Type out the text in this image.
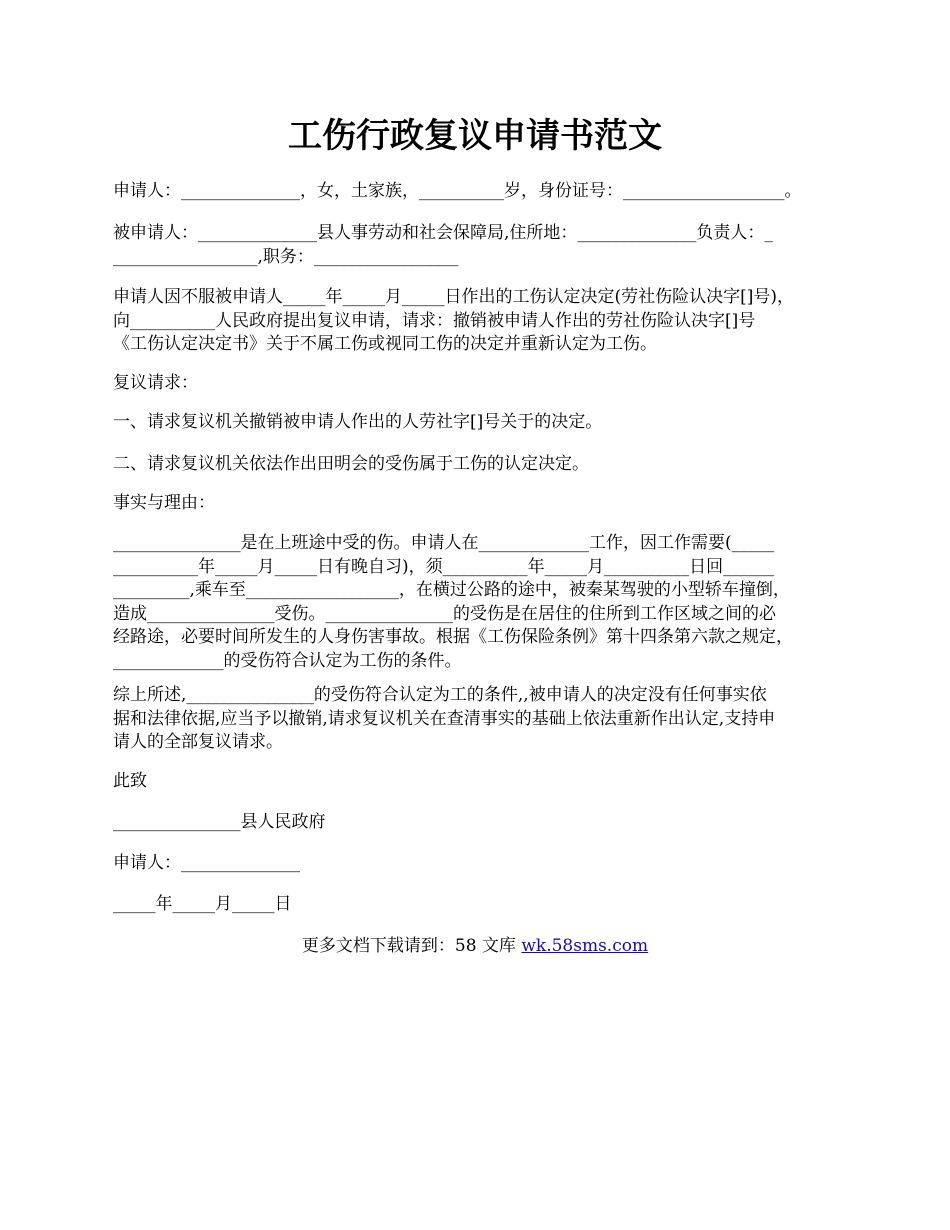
工伤行政复议申请书范文

申请人：______________，女，土家族，__________岁，身份证号：___________________。

被申请人：______________县人事劳动和社会保障局,住所地：______________负责人：_
_________________,职务：_________________

申请人因不服被申请人_____年_____月_____日作出的工伤认定决定(劳社伤险认决字[]号)，
向__________人民政府提出复议申请，请求：撤销被申请人作出的劳社伤险认决字[]号
《工伤认定决定书》关于不属工伤或视同工伤的决定并重新认定为工伤。

复议请求：

一、请求复议机关撤销被申请人作出的人劳社字[]号关于的决定。

二、请求复议机关依法作出田明会的受伤属于工伤的认定决定。

事实与理由：

_______________是在上班途中受的伤。申请人在_____________工作，因工作需要(_____
__________年_____月_____日有晚自习)，须__________年_____月__________日回______
_________,乘车至__________________，在横过公路的途中，被秦某驾驶的小型轿车撞倒，
造成_______________受伤。_______________的受伤是在居住的住所到工作区域之间的必
经路途，必要时间所发生的人身伤害事故。根据《工伤保险条例》第十四条第六款之规定，
_____________的受伤符合认定为工伤的条件。

综上所述,_______________的受伤符合认定为工的条件,,被申请人的决定没有任何事实依
据和法律依据,应当予以撤销,请求复议机关在查清事实的基础上依法重新作出认定,支持申
请人的全部复议请求。

此致

_______________县人民政府

申请人：______________

_____年_____月_____日

更多文档下载请到：58 文库 wk.58sms.com
